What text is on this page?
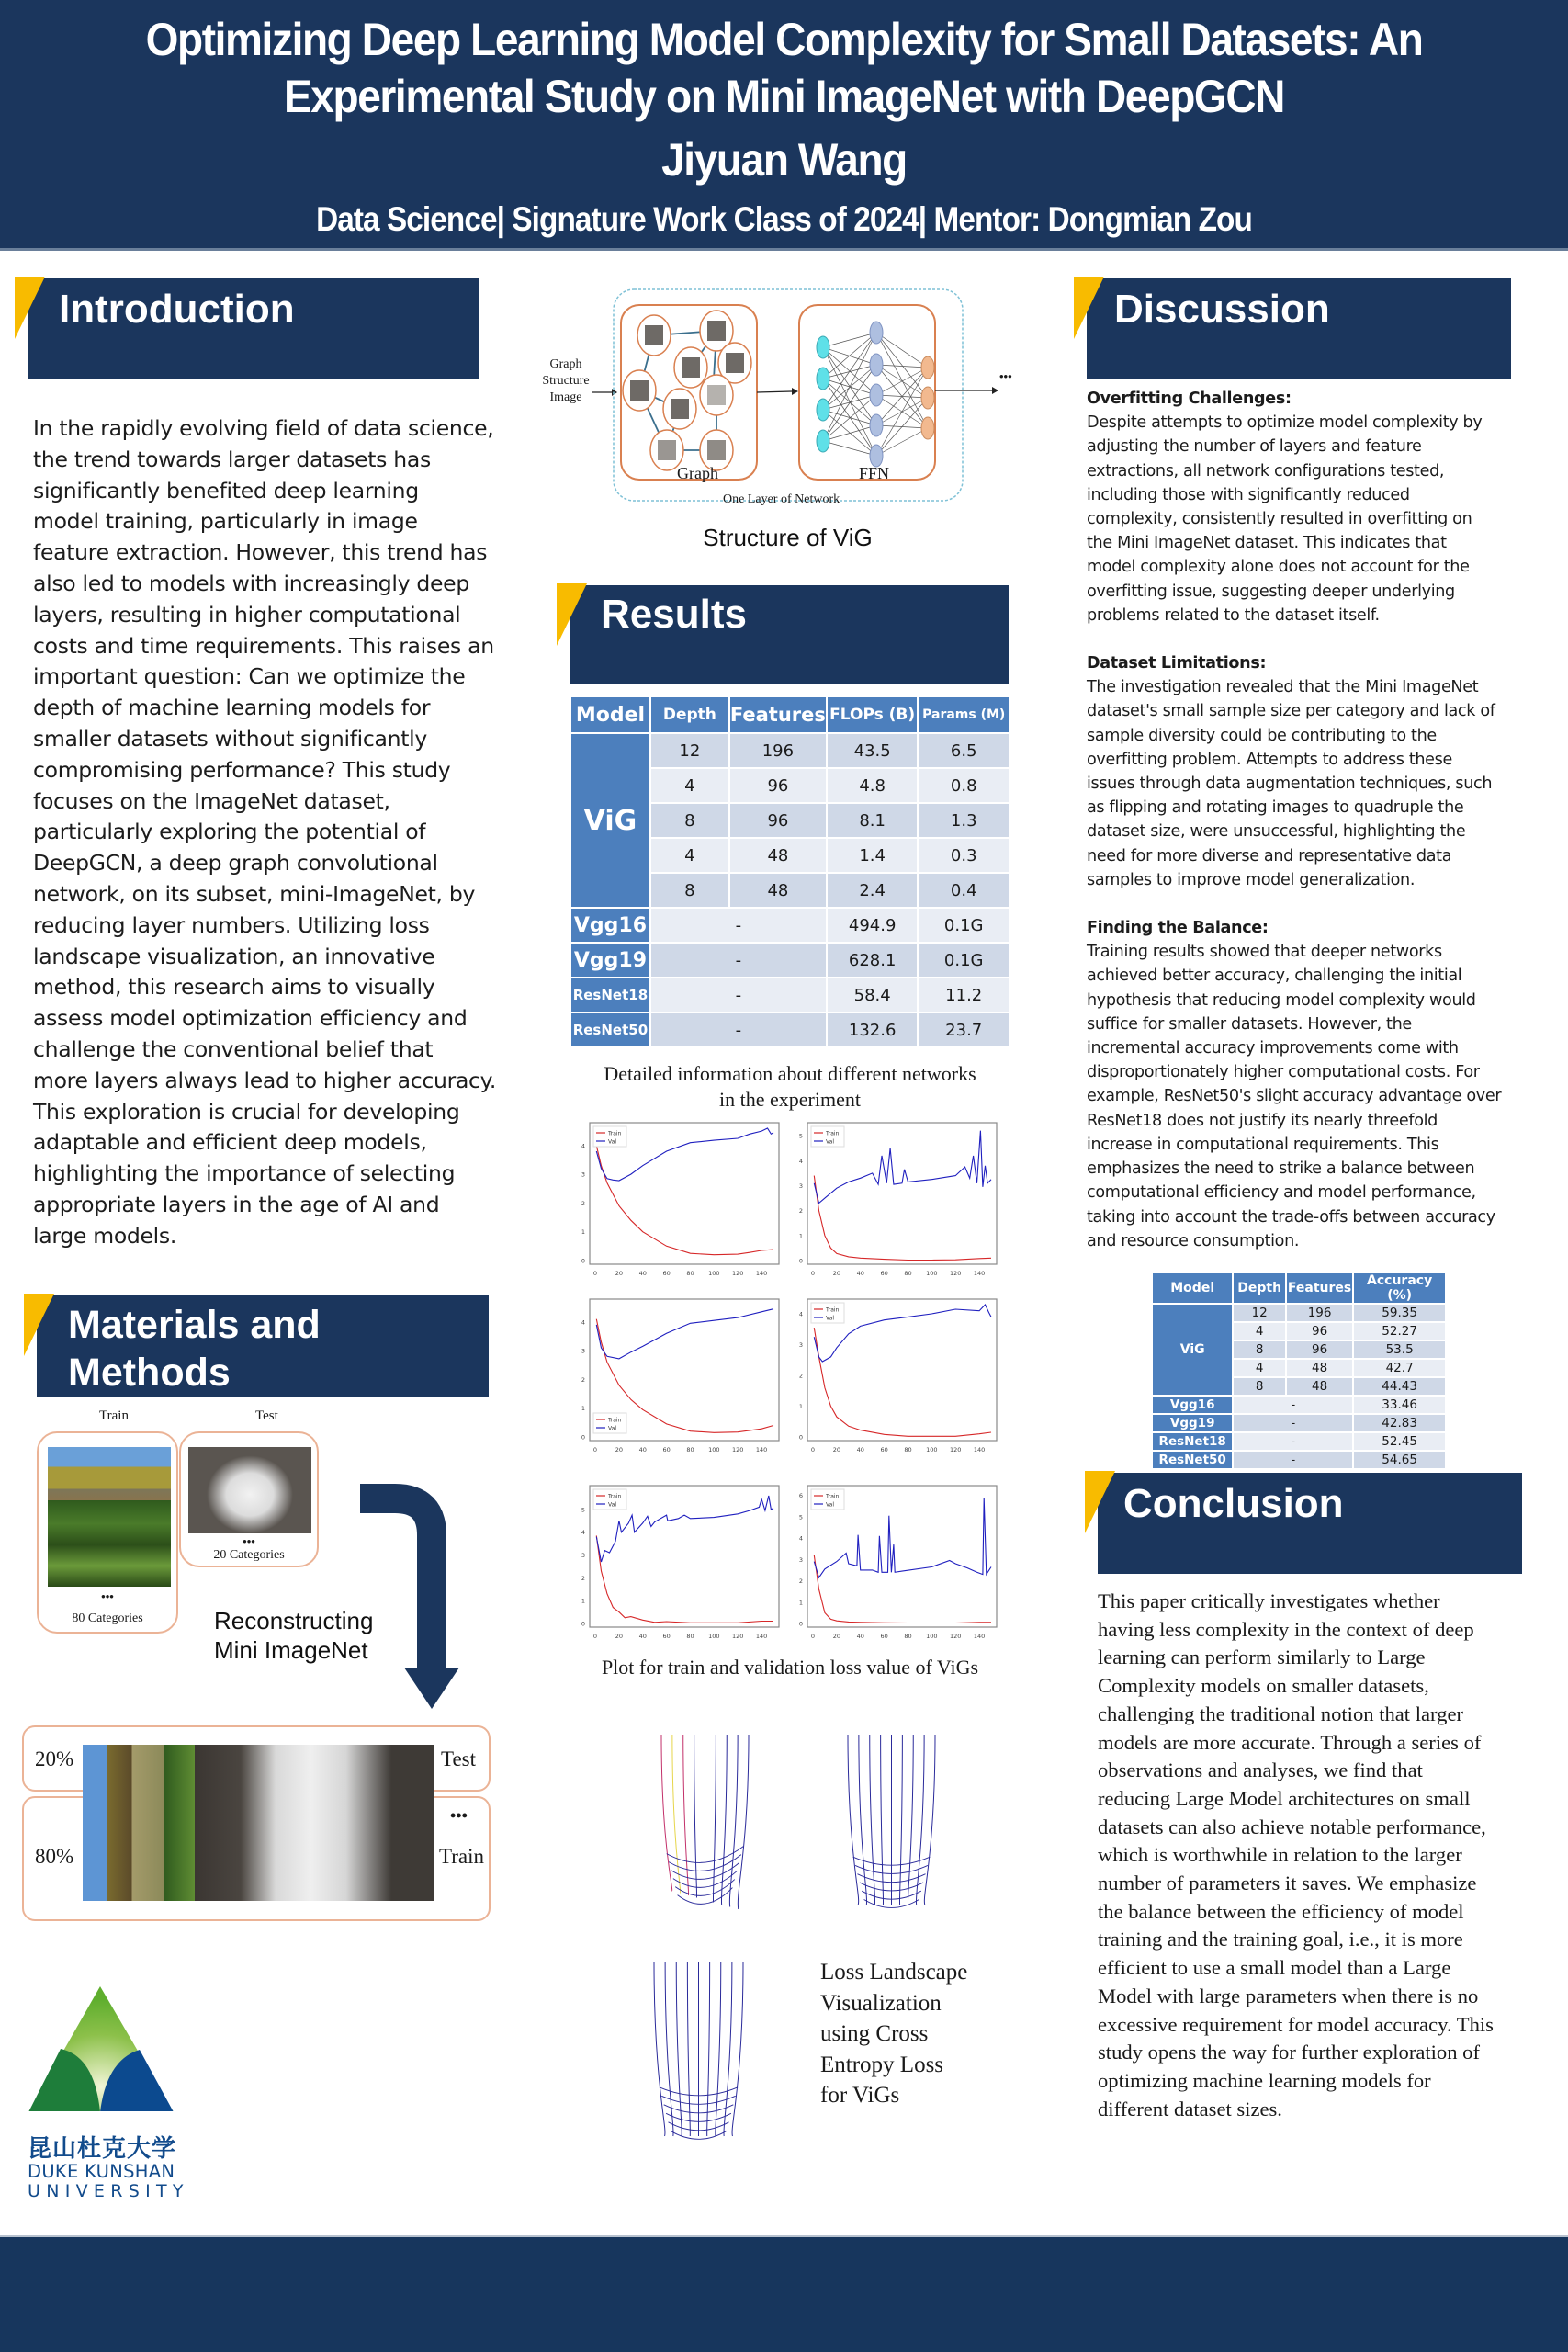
Optimizing Deep Learning Model Complexity for Small Datasets: An
Experimental Study on Mini ImageNet with DeepGCN
Jiyuan Wang
Data Science| Signature Work Class of 2024| Mentor: Dongmian Zou
Introduction
In the rapidly evolving field of data science,
the trend towards larger datasets has
significantly benefited deep learning
model training, particularly in image
feature extraction. However, this trend has
also led to models with increasingly deep
layers, resulting in higher computational
costs and time requirements. This raises an
important question: Can we optimize the
depth of machine learning models for
smaller datasets without significantly
compromising performance? This study
focuses on the ImageNet dataset,
particularly exploring the potential of
DeepGCN, a deep graph convolutional
network, on its subset, mini-ImageNet, by
reducing layer numbers. Utilizing loss
landscape visualization, an innovative
method, this research aims to visually
assess model optimization efficiency and
challenge the conventional belief that
more layers always lead to higher accuracy.
This exploration is crucial for developing
adaptable and efficient deep models,
highlighting the importance of selecting
appropriate layers in the age of AI and
large models.
Materials and
Methods
Train	Test
•••
80 Categories
•••
20 Categories
Reconstructing
Mini ImageNet
20%
80%
Test
•••
Train
昆山杜克大学
DUKE KUNSHAN
UNIVERSITY
Graph
Structure
Image
•••
Graph	FFN
One Layer of Network
Structure of ViG
Results
Model	Depth	Features	FLOPs (B)	Params (M)
ViG	12	196	43.5	6.5
	4	96	4.8	0.8
	8	96	8.1	1.3
	4	48	1.4	0.3
	8	48	2.4	0.4
Vgg16	-		494.9	0.1G
Vgg19	-		628.1	0.1G
ResNet18	-		58.4	11.2
ResNet50	-		132.6	23.7
Detailed information about different networks
in the experiment
0	20	40	60	80 100 120 140
0
1
2
3
4
Train
Val
0	20	40	60	80 100 120 140
0
1
2
3
4
5	Train
Val
0	20	40	60	80 100 120 140
0
1
2
3
4
Train
Val
0	20	40	60	80 100 120 140
0
1
2
3
4
Train
Val
0	20	40	60	80 100 120 140
0
1
2
3
4
5
Train
Val
0	20	40	60	80 100 120 140
0
1
2
3
4
5
6	Train
Val
Plot for train and validation loss value of ViGs
Loss Landscape
Visualization
using Cross
Entropy Loss
for ViGs
Discussion
Overfitting Challenges:
Despite attempts to optimize model complexity by
adjusting the number of layers and feature
extractions, all network configurations tested,
including those with significantly reduced
complexity, consistently resulted in overfitting on
the Mini ImageNet dataset. This indicates that
model complexity alone does not account for the
overfitting issue, suggesting deeper underlying
problems related to the dataset itself.
Dataset Limitations:
The investigation revealed that the Mini ImageNet
dataset's small sample size per category and lack of
sample diversity could be contributing to the
overfitting problem. Attempts to address these
issues through data augmentation techniques, such
as flipping and rotating images to quadruple the
dataset size, were unsuccessful, highlighting the
need for more diverse and representative data
samples to improve model generalization.
Finding the Balance:
Training results showed that deeper networks
achieved better accuracy, challenging the initial
hypothesis that reducing model complexity would
suffice for smaller datasets. However, the
incremental accuracy improvements come with
disproportionately higher computational costs. For
example, ResNet50's slight accuracy advantage over
ResNet18 does not justify its nearly threefold
increase in computational requirements. This
emphasizes the need to strike a balance between
computational efficiency and model performance,
taking into account the trade-offs between accuracy
and resource consumption.
Model	Depth	Features	Accuracy (%)
ViG	12	196	59.35
	4	96	52.27
	8	96	53.5
	4	48	42.7
	8	48	44.43
Vgg16	-		33.46
Vgg19	-		42.83
ResNet18	-		52.45
ResNet50	-		54.65
Conclusion
This paper critically investigates whether
having less complexity in the context of deep
learning can perform similarly to Large
Complexity models on smaller datasets,
challenging the traditional notion that larger
models are more accurate. Through a series of
observations and analyses, we find that
reducing Large Model architectures on small
datasets can also achieve notable performance,
which is worthwhile in relation to the larger
number of parameters it saves. We emphasize
the balance between the efficiency of model
training and the training goal, i.e., it is more
efficient to use a small model than a Large
Model with large parameters when there is no
excessive requirement for model accuracy. This
study opens the way for further exploration of
optimizing machine learning models for
different dataset sizes.
